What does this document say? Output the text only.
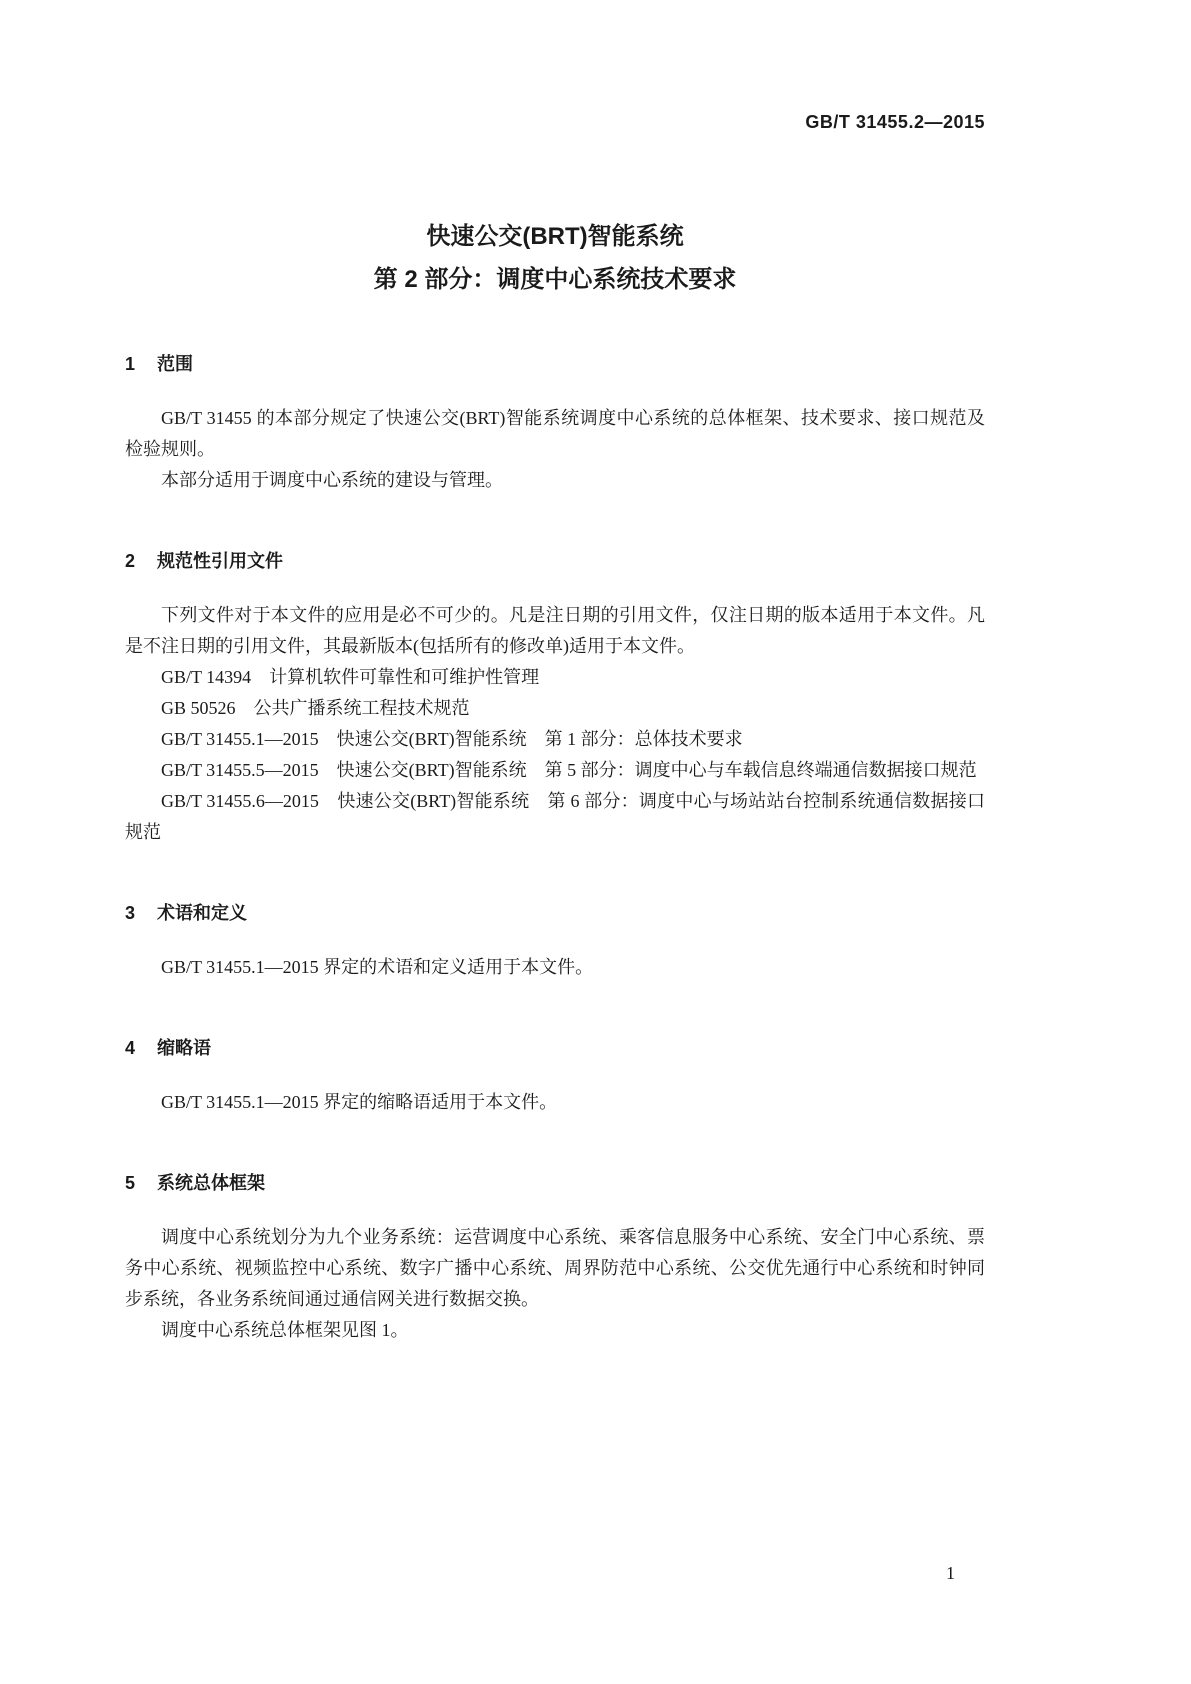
GB/T 31455.2—2015
快速公交(BRT)智能系统
第 2 部分：调度中心系统技术要求
1 范围

GB/T 31455 的本部分规定了快速公交(BRT)智能系统调度中心系统的总体框架、技术要求、接口规范及检验规则。

本部分适用于调度中心系统的建设与管理。

2 规范性引用文件

下列文件对于本文件的应用是必不可少的。凡是注日期的引用文件，仅注日期的版本适用于本文件。凡是不注日期的引用文件，其最新版本(包括所有的修改单)适用于本文件。

GB/T 14394　计算机软件可靠性和可维护性管理

GB 50526　公共广播系统工程技术规范

GB/T 31455.1—2015　快速公交(BRT)智能系统　第 1 部分：总体技术要求

GB/T 31455.5—2015　快速公交(BRT)智能系统　第 5 部分：调度中心与车载信息终端通信数据接口规范

GB/T 31455.6—2015　快速公交(BRT)智能系统　第 6 部分：调度中心与场站站台控制系统通信数据接口规范

3 术语和定义

GB/T 31455.1—2015 界定的术语和定义适用于本文件。

4 缩略语

GB/T 31455.1—2015 界定的缩略语适用于本文件。

5 系统总体框架

调度中心系统划分为九个业务系统：运营调度中心系统、乘客信息服务中心系统、安全门中心系统、票务中心系统、视频监控中心系统、数字广播中心系统、周界防范中心系统、公交优先通行中心系统和时钟同步系统，各业务系统间通过通信网关进行数据交换。

调度中心系统总体框架见图 1。

1
